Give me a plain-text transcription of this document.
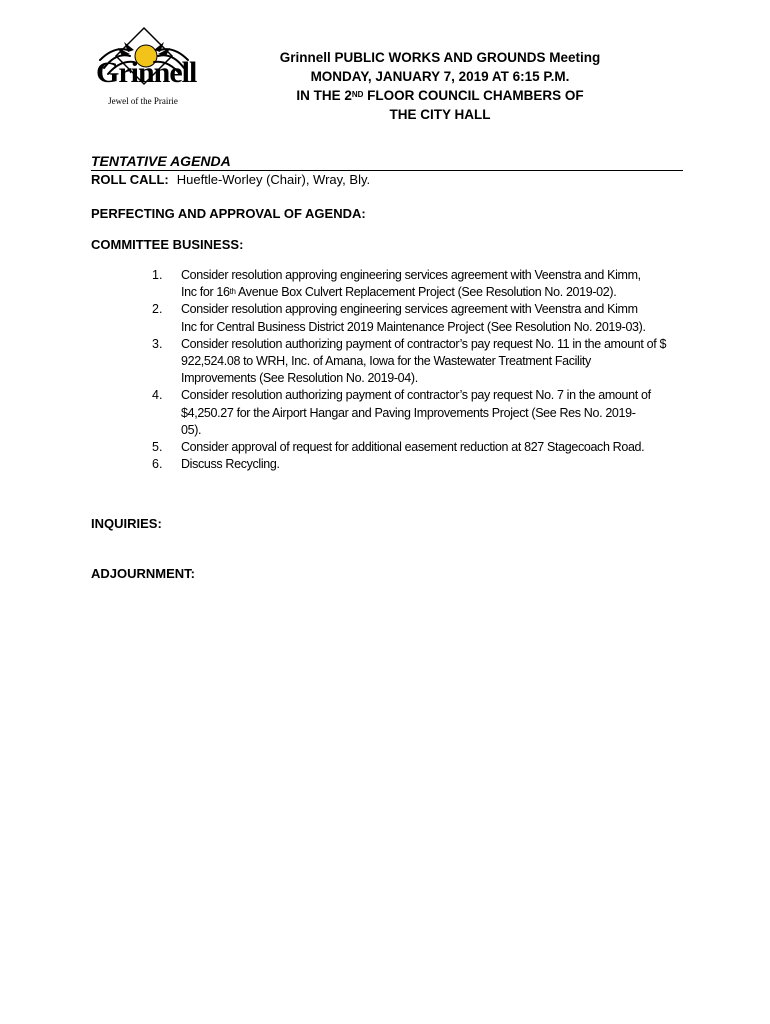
Grinnell
Jewel of the Prairie
Grinnell PUBLIC WORKS AND GROUNDS Meeting
MONDAY, JANUARY 7, 2019 AT 6:15 P.M.
IN THE 2ND FLOOR COUNCIL CHAMBERS OF
THE CITY HALL
TENTATIVE AGENDA
ROLL CALL: Hueftle-Worley (Chair), Wray, Bly.
PERFECTING AND APPROVAL OF AGENDA:
COMMITTEE BUSINESS:
1.	Consider resolution approving engineering services agreement with Veenstra and Kimm,
Inc for 16th Avenue Box Culvert Replacement Project (See Resolution No. 2019-02).
2.	Consider resolution approving engineering services agreement with Veenstra and Kimm
Inc for Central Business District 2019 Maintenance Project (See Resolution No. 2019-03).
3.	Consider resolution authorizing payment of contractor’s pay request No. 11 in the amount of $
922,524.08 to WRH, Inc. of Amana, Iowa for the Wastewater Treatment Facility
Improvements (See Resolution No. 2019-04).
4.	Consider resolution authorizing payment of contractor’s pay request No. 7 in the amount of
$4,250.27 for the Airport Hangar and Paving Improvements Project (See Res No. 2019-
05).
5.	Consider approval of request for additional easement reduction at 827 Stagecoach Road.
6.	Discuss Recycling.
INQUIRIES:
ADJOURNMENT:
